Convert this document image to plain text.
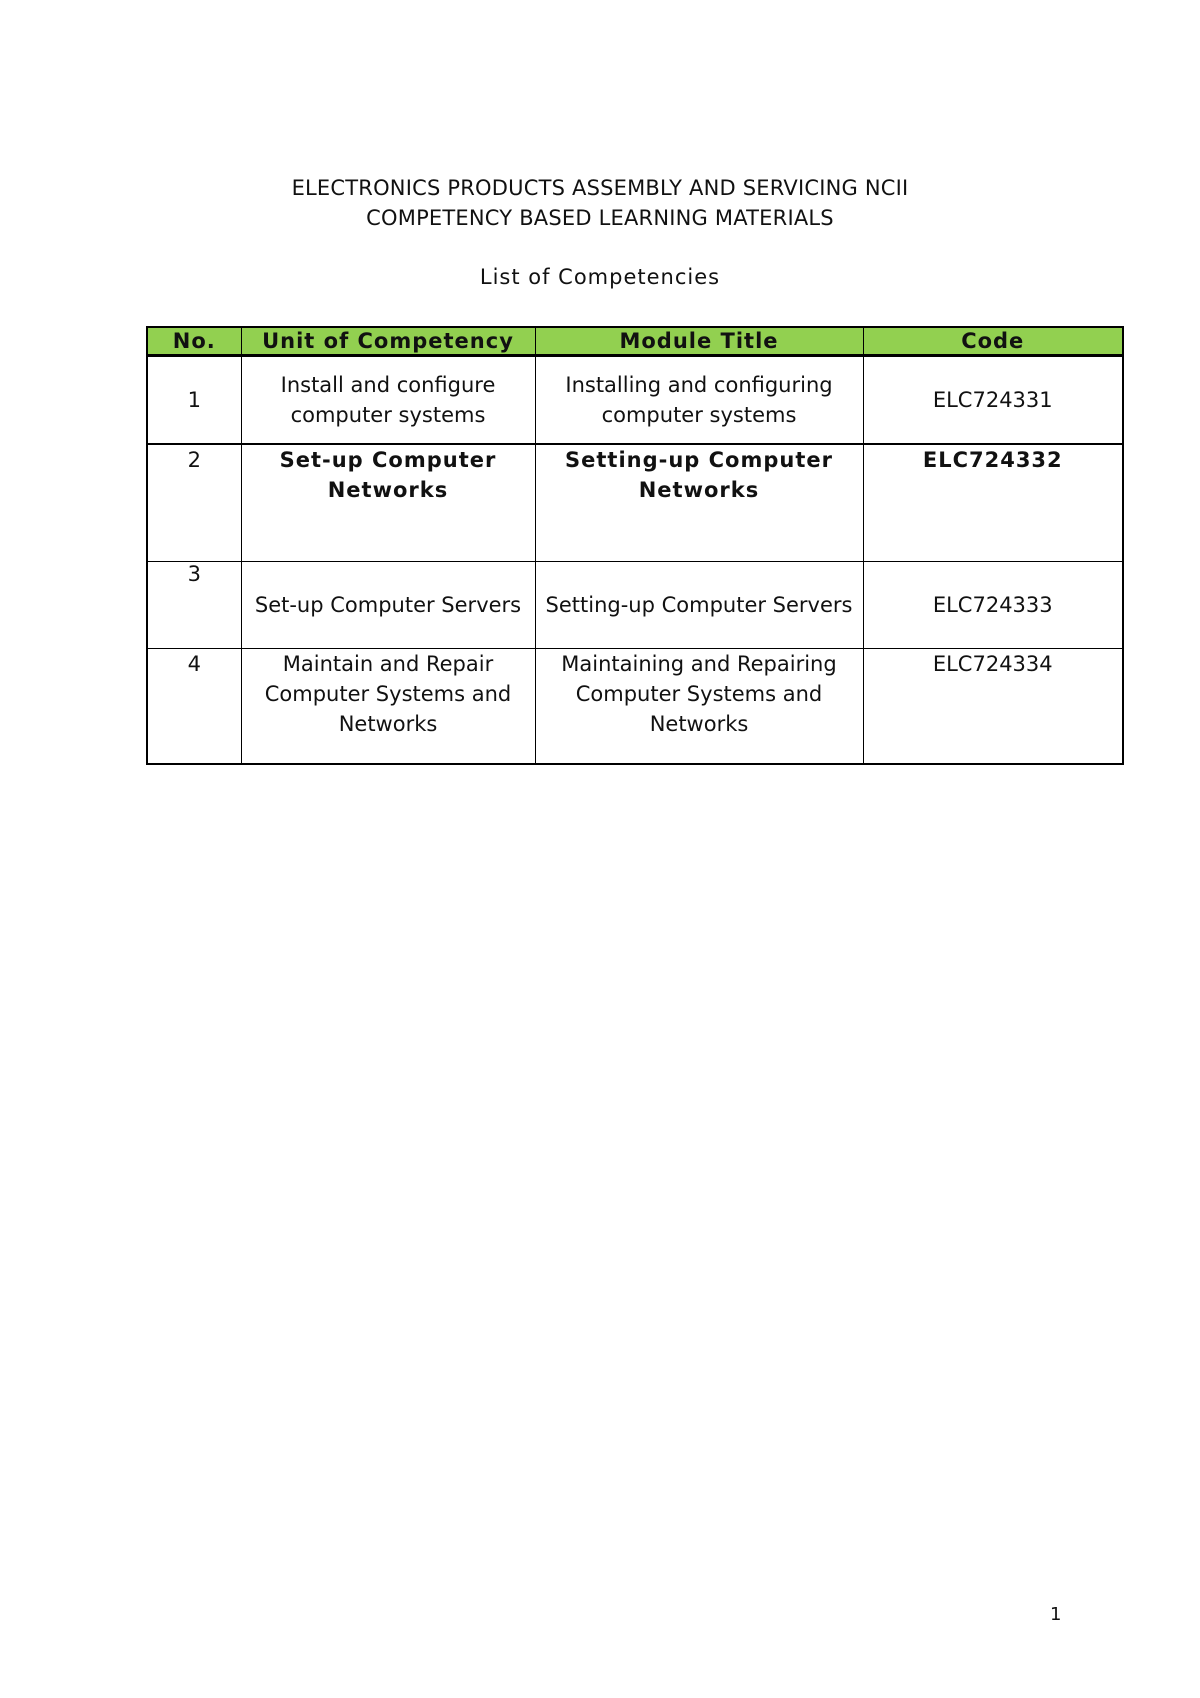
ELECTRONICS PRODUCTS ASSEMBLY AND SERVICING NCII
COMPETENCY BASED LEARNING MATERIALS
List of Competencies
No.	Unit of Competency	Module Title	Code
1	Install and configure computer systems	Installing and configuring computer systems	ELC724331
2	Set-up Computer Networks	Setting-up Computer Networks	ELC724332
3	Set-up Computer Servers	Setting-up Computer Servers	ELC724333
4	Maintain and Repair Computer Systems and Networks	Maintaining and Repairing Computer Systems and Networks	ELC724334
1
